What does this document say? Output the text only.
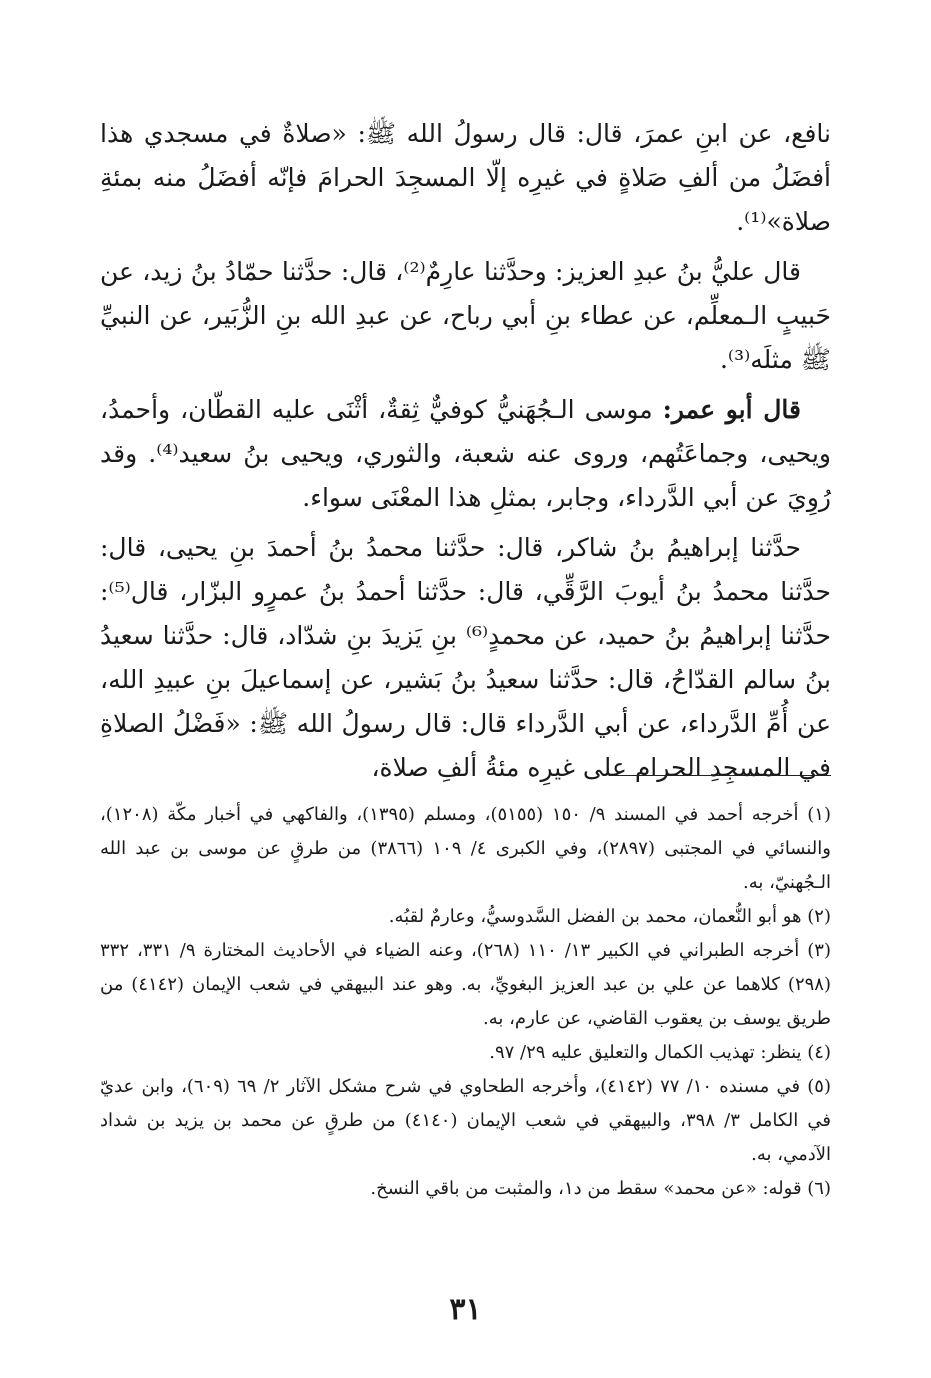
نافع، عن ابنِ عمرَ، قال: قال رسولُ الله ﷺ: «صلاةٌ في مسجدي هذا أفضَلُ من ألفِ صَلاةٍ في غيرِه إلّا المسجِدَ الحرامَ فإنّه أفضَلُ منه بمئةِ صلاة»⁽¹⁾.

قال عليُّ بنُ عبدِ العزيز: وحدَّثنا عارِمٌ⁽²⁾، قال: حدَّثنا حمّادُ بنُ زيد، عن حَبيبٍ الـمعلِّم، عن عطاء بنِ أبي رباح، عن عبدِ الله بنِ الزُّبَير، عن النبيِّ ﷺ مثلَه⁽³⁾.

قال أبو عمر: موسى الـجُهَنيُّ كوفيٌّ ثِقةٌ، أثْنَى عليه القطّان، وأحمدُ، ويحيى، وجماعَتُهم، وروى عنه شعبة، والثوري، ويحيى بنُ سعيد⁽⁴⁾. وقد رُوِيَ عن أبي الدَّرداء، وجابر، بمثلِ هذا المعْنَى سواء.

حدَّثنا إبراهيمُ بنُ شاكر، قال: حدَّثنا محمدُ بنُ أحمدَ بنِ يحيى، قال: حدَّثنا محمدُ بنُ أيوبَ الرَّقِّي، قال: حدَّثنا أحمدُ بنُ عمرٍو البزّار، قال⁽⁵⁾: حدَّثنا إبراهيمُ بنُ حميد، عن محمدٍ⁽⁶⁾ بنِ يَزيدَ بنِ شدّاد، قال: حدَّثنا سعيدُ بنُ سالم القدّاحُ، قال: حدَّثنا سعيدُ بنُ بَشير، عن إسماعيلَ بنِ عبيدِ الله، عن أُمِّ الدَّرداء، عن أبي الدَّرداء قال: قال رسولُ الله ﷺ: «فَضْلُ الصلاةِ في المسجِدِ الحرام على غيرِه مئةُ ألفِ صلاة،

(١) أخرجه أحمد في المسند ٩/ ١٥٠ (٥١٥٥)، ومسلم (١٣٩٥)، والفاكهي في أخبار مكّة (١٢٠٨)، والنسائي في المجتبى (٢٨٩٧)، وفي الكبرى ٤/ ١٠٩ (٣٨٦٦) من طرقٍ عن موسى بن عبد الله الـجُهنيّ، به.

(٢) هو أبو النُّعمان، محمد بن الفضل السَّدوسيُّ، وعارمٌ لقبُه.

(٣) أخرجه الطبراني في الكبير ١٣/ ١١٠ (٢٦٨)، وعنه الضياء في الأحاديث المختارة ٩/ ٣٣١، ٣٣٢ (٢٩٨) كلاهما عن علي بن عبد العزيز البغويِّ، به. وهو عند البيهقي في شعب الإيمان (٤١٤٢) من طريق يوسف بن يعقوب القاضي، عن عارم، به.

(٤) ينظر: تهذيب الكمال والتعليق عليه ٢٩/ ٩٧.

(٥) في مسنده ١٠/ ٧٧ (٤١٤٢)، وأخرجه الطحاوي في شرح مشكل الآثار ٢/ ٦٩ (٦٠٩)، وابن عديّ في الكامل ٣/ ٣٩٨، والبيهقي في شعب الإيمان (٤١٤٠) من طرقٍ عن محمد بن يزيد بن شداد الآدمي، به.

(٦) قوله: «عن محمد» سقط من د١، والمثبت من باقي النسخ.

٣١
